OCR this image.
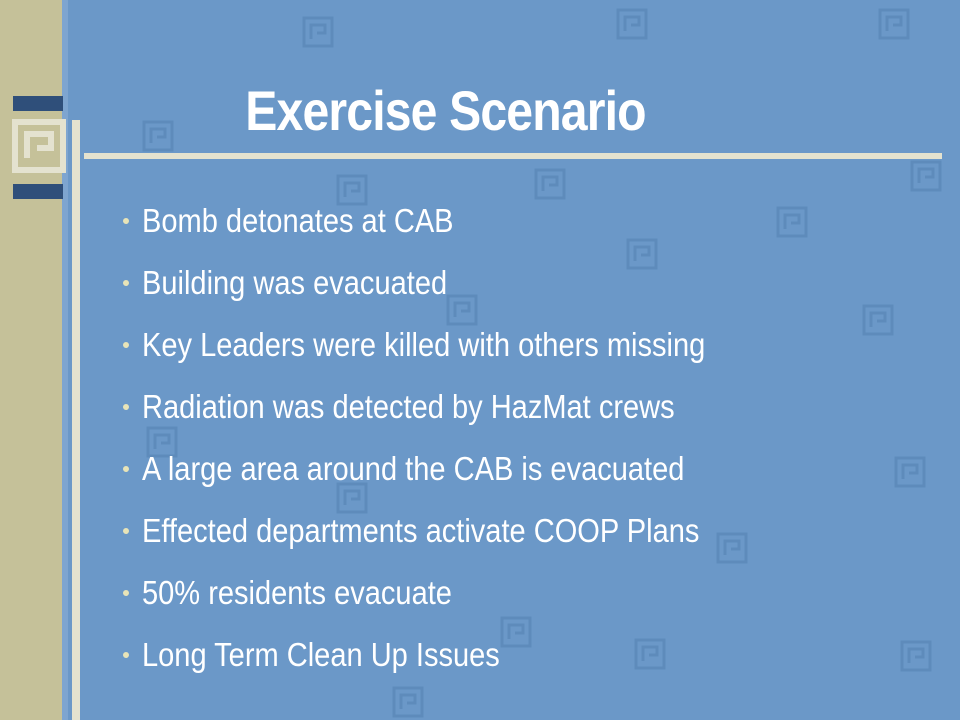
Exercise Scenario
Bomb detonates at CAB
Building was evacuated
Key Leaders were killed with others missing
Radiation was detected by HazMat crews
A large area around the CAB is evacuated
Effected departments activate COOP Plans
50% residents evacuate
Long Term Clean Up Issues
